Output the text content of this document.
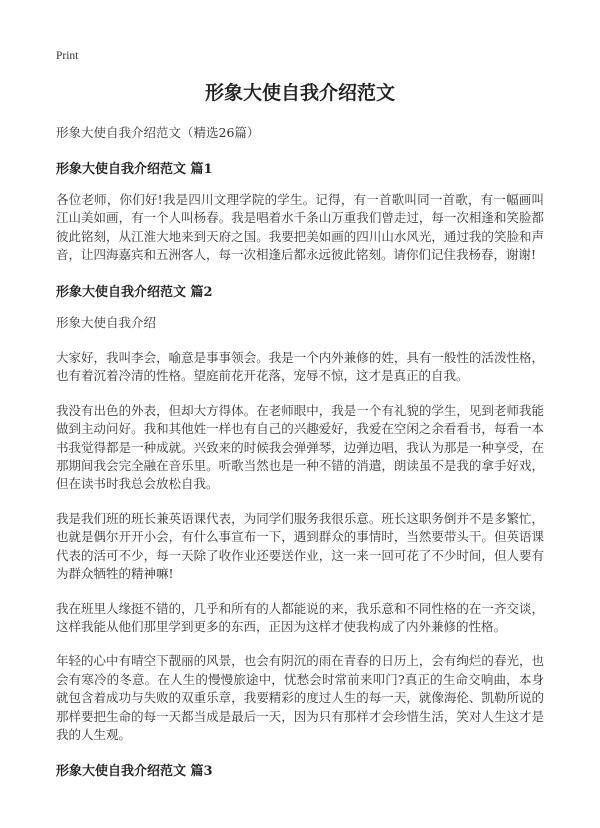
Print
形象大使自我介绍范文

形象大使自我介绍范文（精选26篇）

形象大使自我介绍范文 篇1

各位老师，你们好!我是四川文理学院的学生。记得，有一首歌叫同一首歌，有一幅画叫江山美如画，有一个人叫杨春。我是唱着水千条山万重我们曾走过，每一次相逢和笑脸都彼此铭刻，从江淮大地来到天府之国。我要把美如画的四川山水风光，通过我的笑脸和声音，让四海嘉宾和五洲客人，每一次相逢后都永远彼此铭刻。请你们记住我杨春，谢谢!

形象大使自我介绍范文 篇2

形象大使自我介绍

大家好，我叫李会，喻意是事事领会。我是一个内外兼修的姓，具有一般性的活泼性格，也有着沉着冷清的性格。望庭前花开花落，宠辱不惊，这才是真正的自我。

我没有出色的外表，但却大方得体。在老师眼中，我是一个有礼貌的学生，见到老师我能做到主动问好。我和其他姓一样也有自己的兴趣爱好，我爱在空闲之余看看书，每看一本书我觉得都是一种成就。兴致来的时候我会弹弹琴，边弹边唱，我认为那是一种享受，在那期间我会完全融在音乐里。听歌当然也是一种不错的消遣，朗读虽不是我的拿手好戏，但在读书时我总会放松自我。

我是我们班的班长兼英语课代表，为同学们服务我很乐意。班长这职务倒并不是多繁忙，也就是偶尔开开小会，有什么事宣布一下，遇到群众的事情时，当然要带头干。但英语课代表的活可不少，每一天除了收作业还要送作业，这一来一回可花了不少时间，但人要有为群众牺牲的精神嘛!

我在班里人缘挺不错的，几乎和所有的人都能说的来，我乐意和不同性格的在一齐交谈，这样我能从他们那里学到更多的东西，正因为这样才使我构成了内外兼修的性格。

年轻的心中有晴空下靓丽的风景，也会有阴沉的雨在青春的日历上，会有绚烂的春光，也会有寒冷的冬意。在人生的慢慢旅途中，忧愁会时常前来叩门?真正的生命交响曲，本身就包含着成功与失败的双重乐章，我要精彩的度过人生的每一天，就像海伦、凯勒所说的那样要把生命的每一天都当成是最后一天，因为只有那样才会珍惜生活，笑对人生这才是我的人生观。

形象大使自我介绍范文 篇3
